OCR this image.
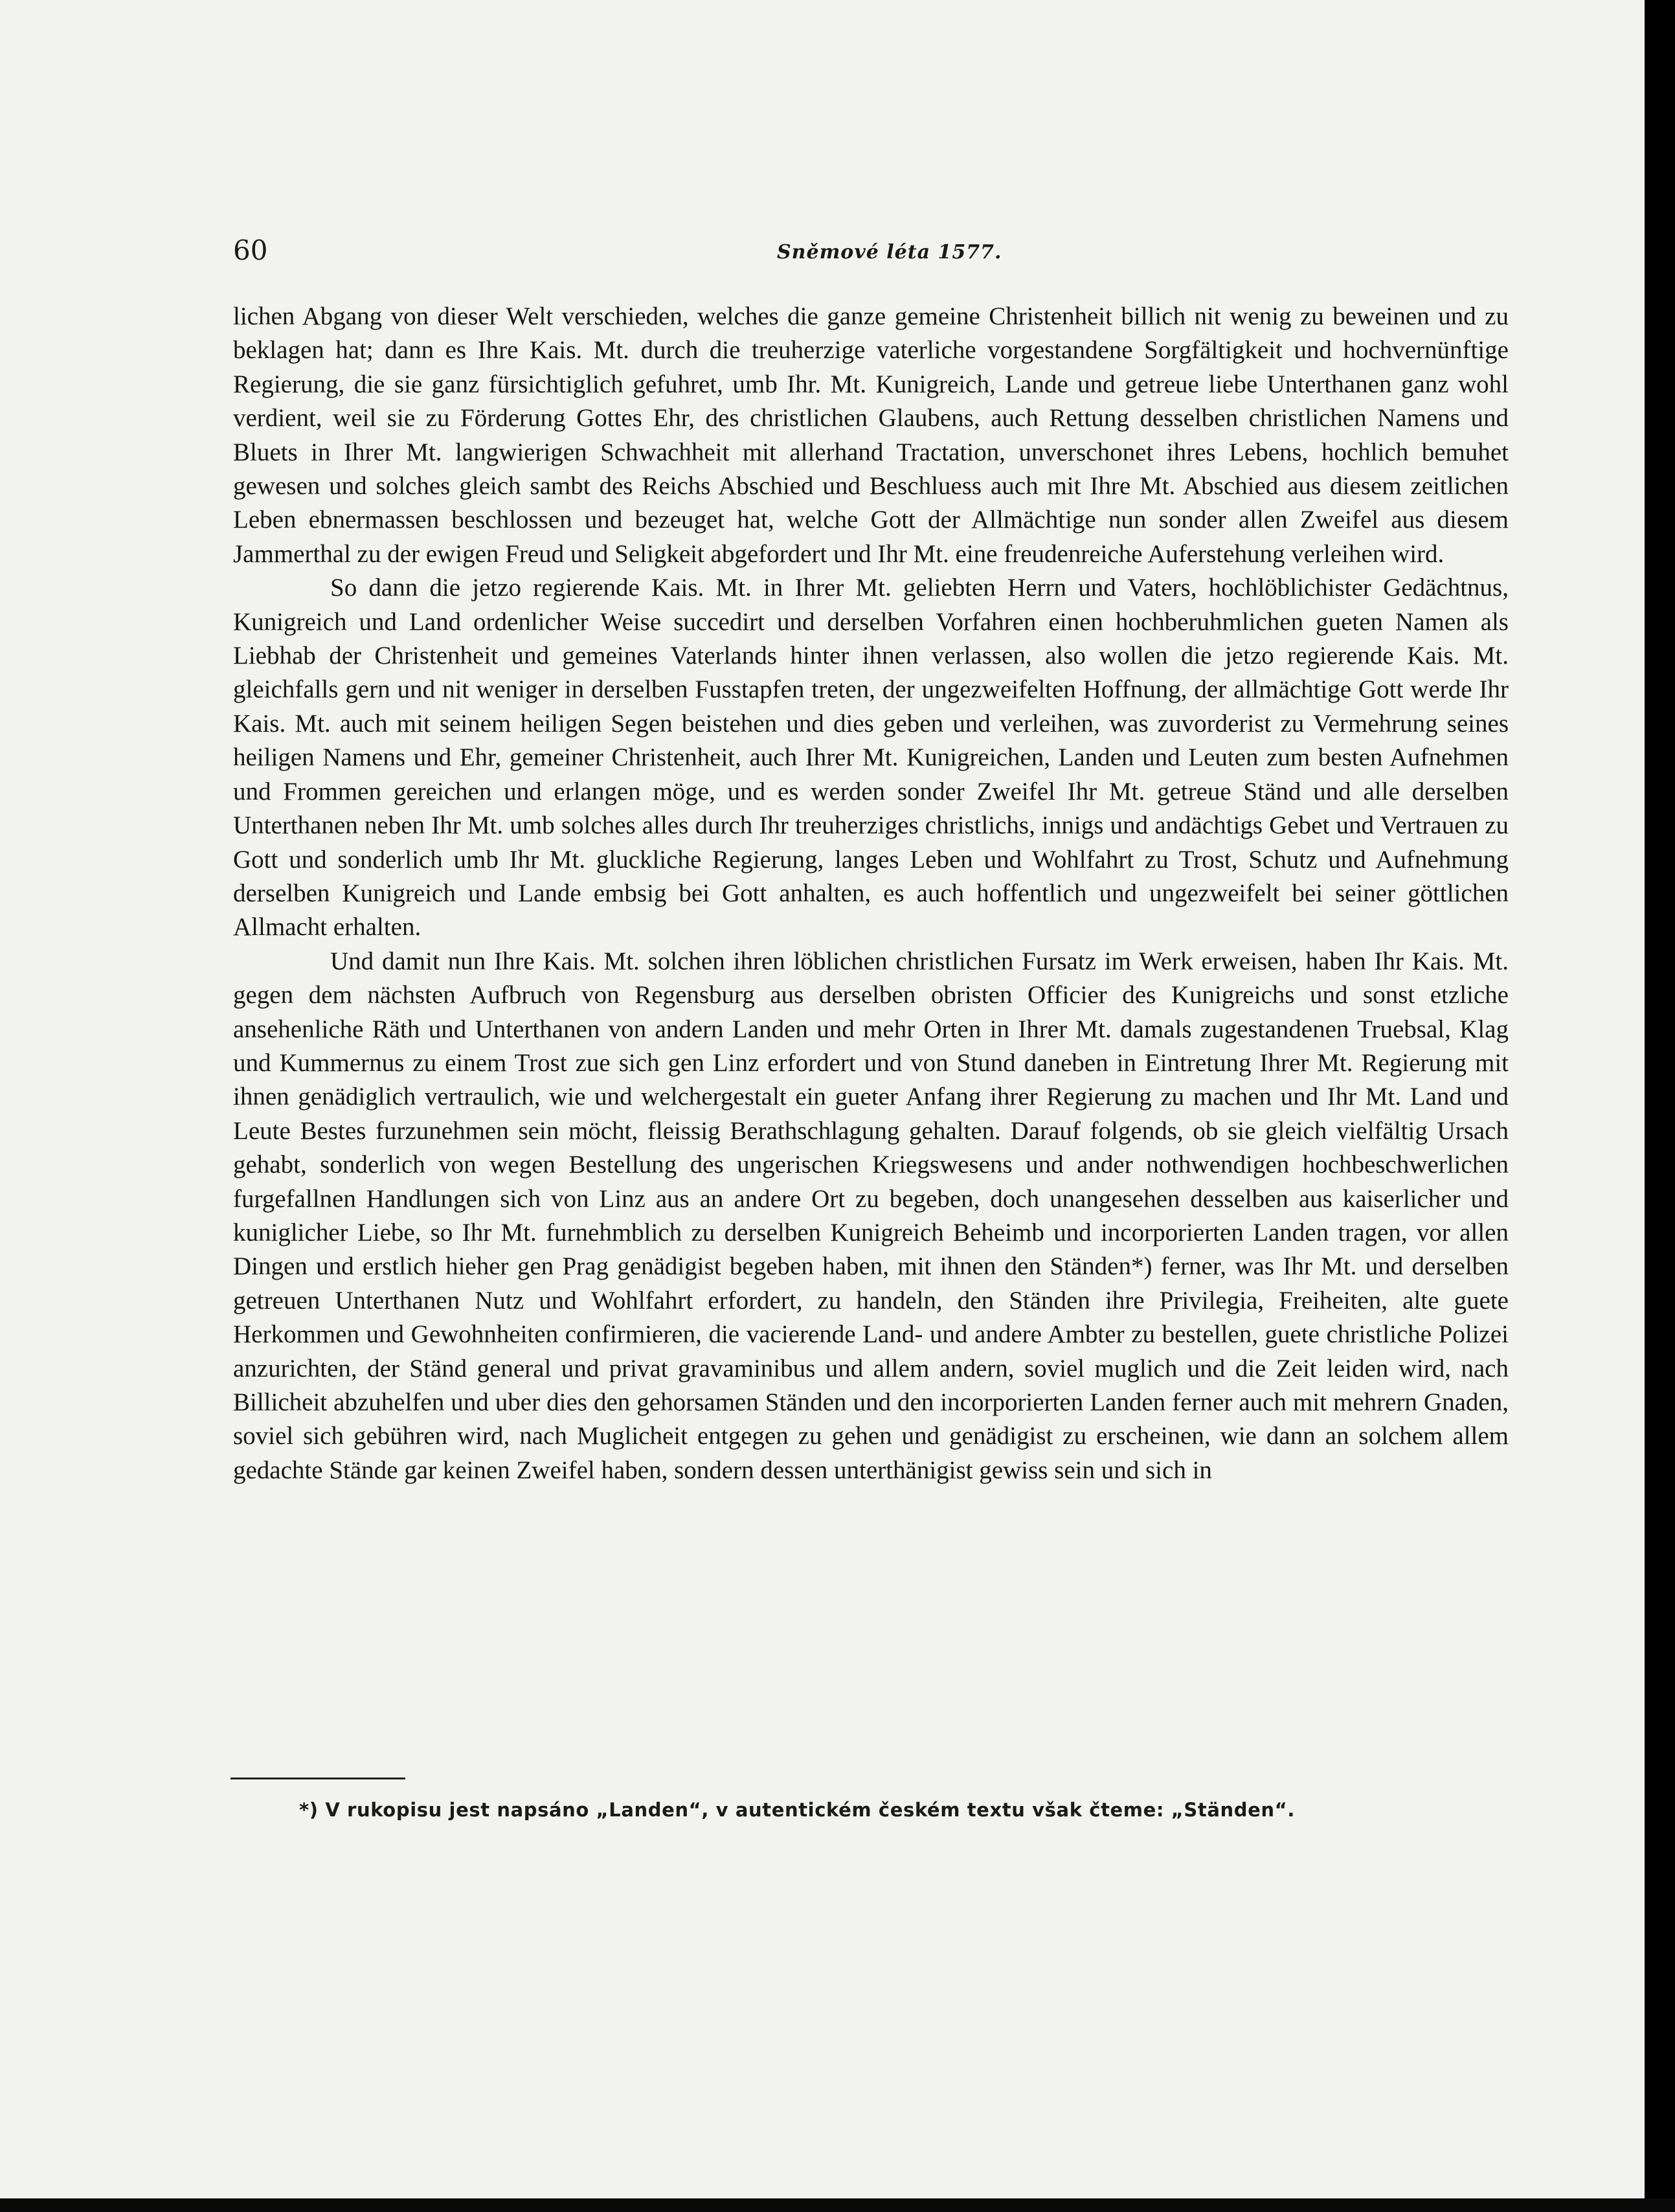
60	Sněmové léta 1577.

lichen Abgang von dieser Welt verschieden, welches die ganze gemeine Christenheit billich nit wenig zu beweinen und zu beklagen hat; dann es Ihre Kais. Mt. durch die treuherzige vaterliche vorgestandene Sorgfältigkeit und hochvernünftige Regierung, die sie ganz fürsichtiglich gefuhret, umb Ihr. Mt. Kunigreich, Lande und getreue liebe Unterthanen ganz wohl verdient, weil sie zu Förderung Gottes Ehr, des christlichen Glaubens, auch Rettung desselben christlichen Namens und Bluets in Ihrer Mt. langwierigen Schwachheit mit allerhand Tractation, unverschonet ihres Lebens, hochlich bemuhet gewesen und solches gleich sambt des Reichs Abschied und Beschluess auch mit Ihre Mt. Abschied aus diesem zeitlichen Leben ebnermassen beschlossen und bezeuget hat, welche Gott der Allmächtige nun sonder allen Zweifel aus diesem Jammerthal zu der ewigen Freud und Seligkeit abgefordert und Ihr Mt. eine freudenreiche Auferstehung verleihen wird.

So dann die jetzo regierende Kais. Mt. in Ihrer Mt. geliebten Herrn und Vaters, hochlöblichister Gedächtnus, Kunigreich und Land ordenlicher Weise succedirt und derselben Vorfahren einen hochberuhmlichen gueten Namen als Liebhab der Christenheit und gemeines Vaterlands hinter ihnen verlassen, also wollen die jetzo regierende Kais. Mt. gleichfalls gern und nit weniger in derselben Fusstapfen treten, der ungezweifelten Hoffnung, der allmächtige Gott werde Ihr Kais. Mt. auch mit seinem heiligen Segen beistehen und dies geben und verleihen, was zuvorderist zu Vermehrung seines heiligen Namens und Ehr, gemeiner Christenheit, auch Ihrer Mt. Kunigreichen, Landen und Leuten zum besten Aufnehmen und Frommen gereichen und erlangen möge, und es werden sonder Zweifel Ihr Mt. getreue Ständ und alle derselben Unterthanen neben Ihr Mt. umb solches alles durch Ihr treuherziges christlichs, innigs und andächtigs Gebet und Vertrauen zu Gott und sonderlich umb Ihr Mt. gluckliche Regierung, langes Leben und Wohlfahrt zu Trost, Schutz und Aufnehmung derselben Kunigreich und Lande embsig bei Gott anhalten, es auch hoffentlich und ungezweifelt bei seiner göttlichen Allmacht erhalten.

Und damit nun Ihre Kais. Mt. solchen ihren löblichen christlichen Fursatz im Werk erweisen, haben Ihr Kais. Mt. gegen dem nächsten Aufbruch von Regensburg aus derselben obristen Officier des Kunigreichs und sonst etzliche ansehenliche Räth und Unterthanen von andern Landen und mehr Orten in Ihrer Mt. damals zugestandenen Truebsal, Klag und Kummernus zu einem Trost zue sich gen Linz erfordert und von Stund daneben in Eintretung Ihrer Mt. Regierung mit ihnen genädiglich vertraulich, wie und welchergestalt ein gueter Anfang ihrer Regierung zu machen und Ihr Mt. Land und Leute Bestes furzunehmen sein möcht, fleissig Berathschlagung gehalten. Darauf folgends, ob sie gleich vielfältig Ursach gehabt, sonderlich von wegen Bestellung des ungerischen Kriegswesens und ander nothwendigen hochbeschwerlichen furgefallnen Handlungen sich von Linz aus an andere Ort zu begeben, doch unangesehen desselben aus kaiserlicher und kuniglicher Liebe, so Ihr Mt. furnehmblich zu derselben Kunigreich Beheimb und incorporierten Landen tragen, vor allen Dingen und erstlich hieher gen Prag genädigist begeben haben, mit ihnen den Ständen*) ferner, was Ihr Mt. und derselben getreuen Unterthanen Nutz und Wohlfahrt erfordert, zu handeln, den Ständen ihre Privilegia, Freiheiten, alte guete Herkommen und Gewohnheiten confirmieren, die vacierende Land- und andere Ambter zu bestellen, guete christliche Polizei anzurichten, der Ständ general und privat gravaminibus und allem andern, soviel muglich und die Zeit leiden wird, nach Billicheit abzuhelfen und uber dies den gehorsamen Ständen und den incorporierten Landen ferner auch mit mehrern Gnaden, soviel sich gebühren wird, nach Muglicheit entgegen zu gehen und genädigist zu erscheinen, wie dann an solchem allem gedachte Stände gar keinen Zweifel haben, sondern dessen unterthänigist gewiss sein und sich in

*) V rukopisu jest napsáno „Landen“, v autentickém českém textu však čteme: „Ständen“.
